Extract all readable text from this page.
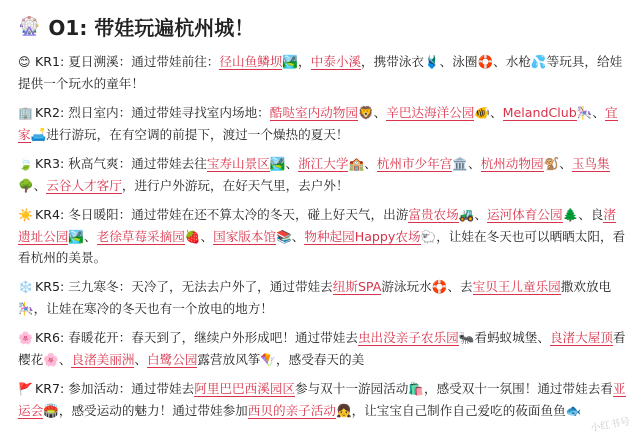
🎡 O1: 带娃玩遍杭州城！
😊 KR1: 夏日溯溪：通过带娃前往：径山鱼鳞坝🏞️，中泰小溪，携带泳衣🩱、泳圈🛟、水枪💦等玩具，给娃提供一个玩水的童年！
🏢 KR2: 烈日室内：通过带娃寻找室内场地：酷哒室内动物园🦁、辛巴达海洋公园🐠、MelandClub🎠、宜家🛋️进行游玩，在有空调的前提下，渡过一个燥热的夏天！
🍃 KR3: 秋高气爽：通过带娃去往宝寿山景区🏞️、浙江大学🏫、杭州市少年宫🏛️、杭州动物园🐒、玉鸟集🌳、云谷人才客厅，进行户外游玩，在好天气里，去户外！
☀️ KR4: 冬日暖阳：通过带娃在还不算太冷的冬天，碰上好天气，出游富贵农场🚜、运河体育公园🌲、良渚遗址公园🏞️、老徐草莓采摘园🍓、国家版本馆📚、物种起园Happy农场🐑，让娃在冬天也可以晒晒太阳，看看杭州的美景。
❄️ KR5: 三九寒冬：天冷了，无法去户外了，通过带娃去纽斯SPA游泳玩水🛟、去宝贝王儿童乐园撒欢放电🎠，让娃在寒冷的冬天也有一个放电的地方！
🌸 KR6: 春暖花开：春天到了，继续户外形成吧！通过带娃去虫出没亲子农乐园🐜看蚂蚁城堡、良渚大屋顶看樱花🌸、良渚美丽洲、白鹭公园露营放风筝🪁，感受春天的美
🚩 KR7: 参加活动：通过带娃去阿里巴巴西溪园区参与双十一游园活动🛍️，感受双十一氛围！通过带娃去看亚运会🏟️，感受运动的魅力！通过带娃参加西贝的亲子活动👧，让宝宝自己制作自己爱吃的莜面鱼鱼🐟
小红书号
